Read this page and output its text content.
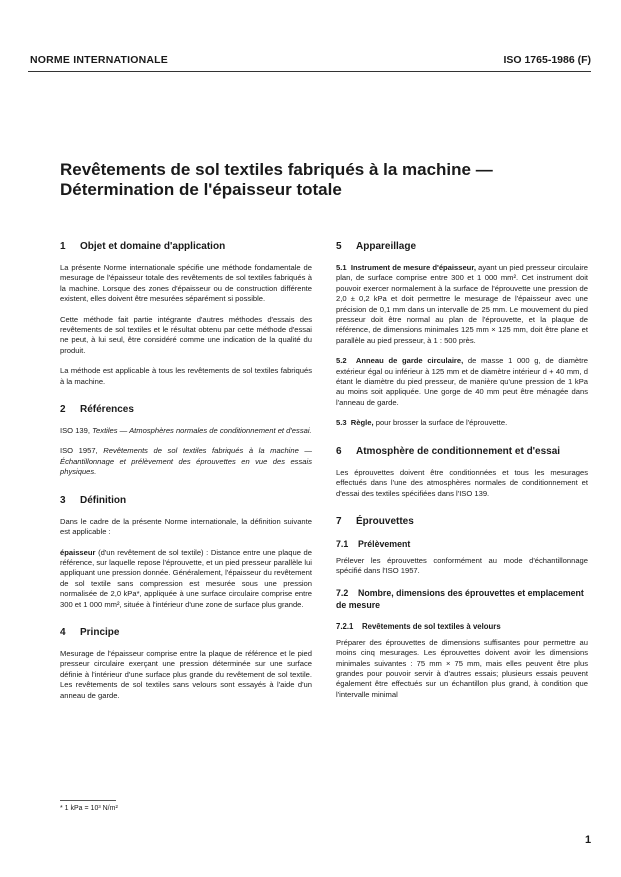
NORME INTERNATIONALE	ISO 1765-1986 (F)
Revêtements de sol textiles fabriqués à la machine —
Détermination de l'épaisseur totale
1 Objet et domaine d'application

La présente Norme internationale spécifie une méthode fondamentale de mesurage de l'épaisseur totale des revêtements de sol textiles fabriqués à la machine. Lorsque des zones d'épaisseur ou de construction différente existent, elles doivent être mesurées séparément si possible.

Cette méthode fait partie intégrante d'autres méthodes d'essais des revêtements de sol textiles et le résultat obtenu par cette méthode d'essai ne peut, à lui seul, être considéré comme une indication de la qualité du produit.

La méthode est applicable à tous les revêtements de sol textiles fabriqués à la machine.

2 Références

ISO 139, Textiles — Atmosphères normales de conditionnement et d'essai.

ISO 1957, Revêtements de sol textiles fabriqués à la machine — Échantillonnage et prélèvement des éprouvettes en vue des essais physiques.

3 Définition

Dans le cadre de la présente Norme internationale, la définition suivante est applicable :

épaisseur (d'un revêtement de sol textile) : Distance entre une plaque de référence, sur laquelle repose l'éprouvette, et un pied presseur parallèle lui appliquant une pression donnée. Généralement, l'épaisseur du revêtement de sol textile sans compression est mesurée sous une pression normalisée de 2,0 kPa*, appliquée à une surface circulaire comprise entre 300 et 1 000 mm², située à l'intérieur d'une zone de surface plus grande.

4 Principe

Mesurage de l'épaisseur comprise entre la plaque de référence et le pied presseur circulaire exerçant une pression déterminée sur une surface définie à l'intérieur d'une surface plus grande du revêtement de sol textile. Les revêtements de sol textiles sans velours sont essayés à l'aide d'un anneau de garde.

5 Appareillage

5.1 Instrument de mesure d'épaisseur, ayant un pied presseur circulaire plan, de surface comprise entre 300 et 1 000 mm². Cet instrument doit pouvoir exercer normalement à la surface de l'éprouvette une pression de 2,0 ± 0,2 kPa et doit permettre le mesurage de l'épaisseur avec une précision de 0,1 mm dans un intervalle de 25 mm. Le mouvement du pied presseur doit être normal au plan de l'éprouvette, et la plaque de référence, de dimensions minimales 125 mm × 125 mm, doit être plane et parallèle au pied presseur, à 1 : 500 près.

5.2 Anneau de garde circulaire, de masse 1 000 g, de diamètre extérieur égal ou inférieur à 125 mm et de diamètre intérieur d + 40 mm, d étant le diamètre du pied presseur, de manière qu'une pression de 1 kPa au moins soit appliquée. Une gorge de 40 mm peut être ménagée dans l'anneau de garde.

5.3 Règle, pour brosser la surface de l'éprouvette.

6 Atmosphère de conditionnement et d'essai

Les éprouvettes doivent être conditionnées et tous les mesurages effectués dans l'une des atmosphères normales de conditionnement et d'essai des textiles spécifiées dans l'ISO 139.

7 Éprouvettes
7.1 Prélèvement

Prélever les éprouvettes conformément au mode d'échantillonnage spécifié dans l'ISO 1957.

7.2 Nombre, dimensions des éprouvettes et emplacement de mesure
7.2.1 Revêtements de sol textiles à velours

Préparer des éprouvettes de dimensions suffisantes pour permettre au moins cinq mesurages. Les éprouvettes doivent avoir les dimensions minimales suivantes : 75 mm × 75 mm, mais elles peuvent être plus grandes pour pouvoir servir à d'autres essais; plusieurs essais peuvent également être effectués sur un échantillon plus grand, à condition que l'intervalle minimal

* 1 kPa = 10³ N/m²
1
